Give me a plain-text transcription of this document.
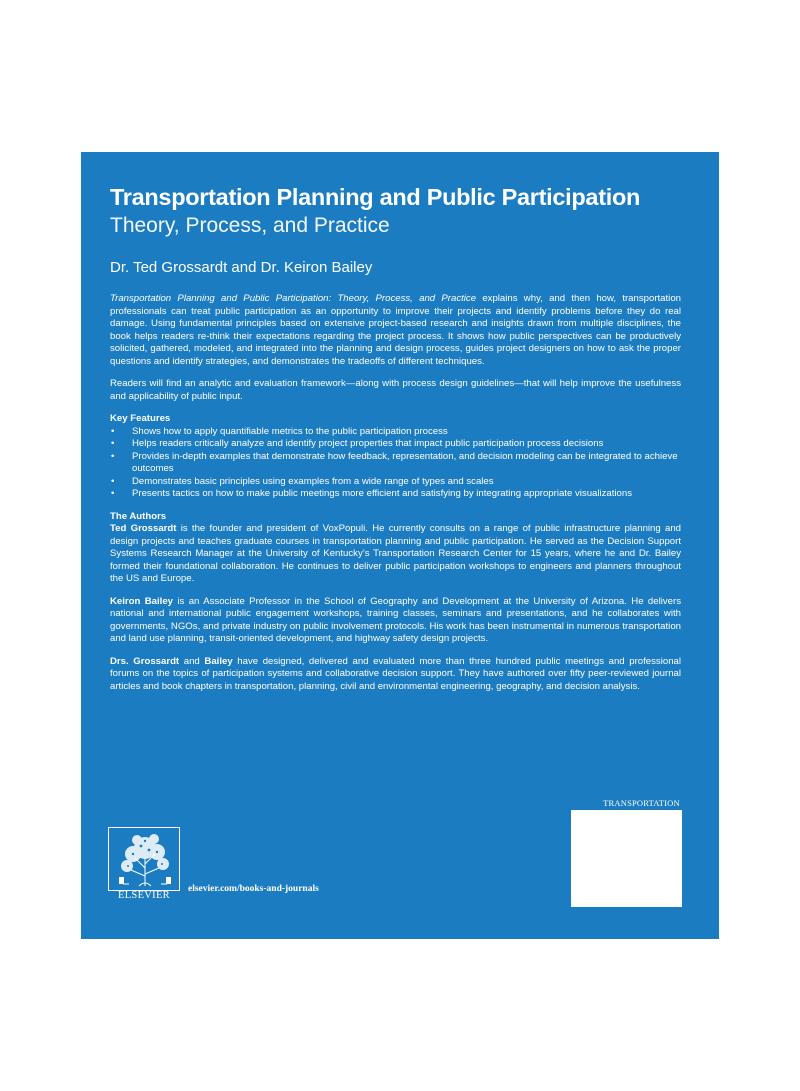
Transportation Planning and Public Participation
Theory, Process, and Practice
Dr. Ted Grossardt and Dr. Keiron Bailey

Transportation Planning and Public Participation: Theory, Process, and Practice explains why, and then how, transportation professionals can treat public participation as an opportunity to improve their projects and identify problems before they do real damage. Using fundamental principles based on extensive project-based research and insights drawn from multiple disciplines, the book helps readers re-think their expectations regarding the project process. It shows how public perspectives can be productively solicited, gathered, modeled, and integrated into the planning and design process, guides project designers on how to ask the proper questions and identify strategies, and demonstrates the tradeoffs of different techniques.

Readers will find an analytic and evaluation framework—along with process design guidelines—that will help improve the usefulness and applicability of public input.

Key Features
• Shows how to apply quantifiable metrics to the public participation process
• Helps readers critically analyze and identify project properties that impact public participation process decisions
• Provides in-depth examples that demonstrate how feedback, representation, and decision modeling can be integrated to achieve outcomes
• Demonstrates basic principles using examples from a wide range of types and scales
• Presents tactics on how to make public meetings more efficient and satisfying by integrating appropriate visualizations
The Authors

Ted Grossardt is the founder and president of VoxPopuli. He currently consults on a range of public infrastructure planning and design projects and teaches graduate courses in transportation planning and public participation. He served as the Decision Support Systems Research Manager at the University of Kentucky’s Transportation Research Center for 15 years, where he and Dr. Bailey formed their foundational collaboration. He continues to deliver public participation workshops to engineers and planners throughout the US and Europe.

Keiron Bailey is an Associate Professor in the School of Geography and Development at the University of Arizona. He delivers national and international public engagement workshops, training classes, seminars and presentations, and he collaborates with governments, NGOs, and private industry on public involvement protocols. His work has been instrumental in numerous transportation and land use planning, transit-oriented development, and highway safety design projects.

Drs. Grossardt and Bailey have designed, delivered and evaluated more than three hundred public meetings and professional forums on the topics of participation systems and collaborative decision support. They have authored over fifty peer-reviewed journal articles and book chapters in transportation, planning, civil and environmental engineering, geography, and decision analysis.

TRANSPORTATION
ELSEVIER
elsevier.com/books-and-journals
